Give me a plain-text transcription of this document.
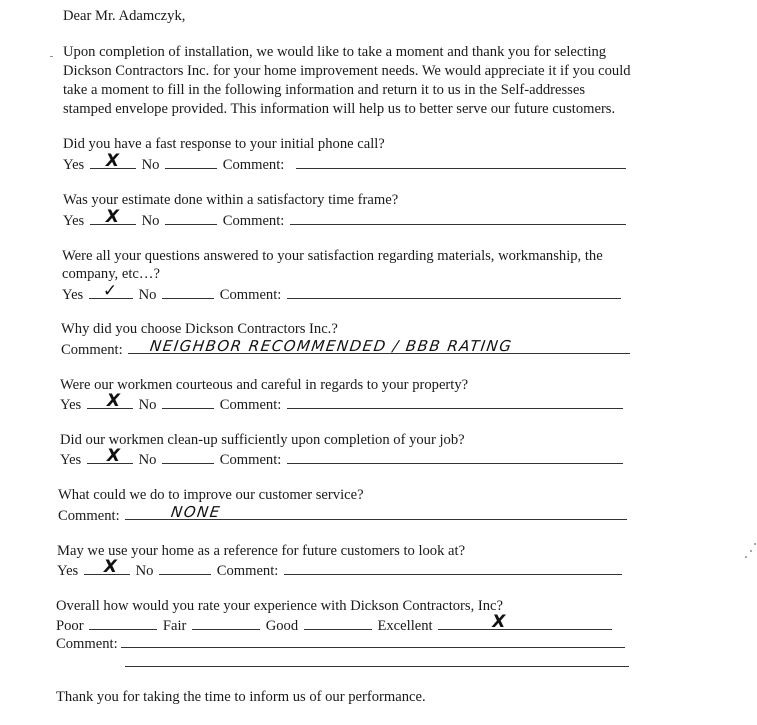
Dear Mr. Adamczyk,
Upon completion of installation, we would like to take a moment and thank you for selecting
Dickson Contractors Inc. for your home improvement needs. We would appreciate it if you could
take a moment to fill in the following information and return it to us in the Self-addresses
stamped envelope provided. This information will help us to better serve our future customers.
Did you have a fast response to your initial phone call?
Yes X No	Comment:
Was your estimate done within a satisfactory time frame?
Yes X No	Comment:
Were all your questions answered to your satisfaction regarding materials, workmanship, the
company, etc…?
Yes ✓ No	Comment:
Why did you choose Dickson Contractors Inc.?
Comment: NEIGHBOR RECOMMENDED / BBB RATING
Were our workmen courteous and careful in regards to your property?
Yes X No	Comment:
Did our workmen clean-up sufficiently upon completion of your job?
Yes X No	Comment:
What could we do to improve our customer service?
Comment:	NONE
May we use your home as a reference for future customers to look at?
Yes X No	Comment:
Overall how would you rate your experience with Dickson Contractors, Inc?
Poor	Fair	Good	Excellent	X
Comment:
Thank you for taking the time to inform us of our performance.
